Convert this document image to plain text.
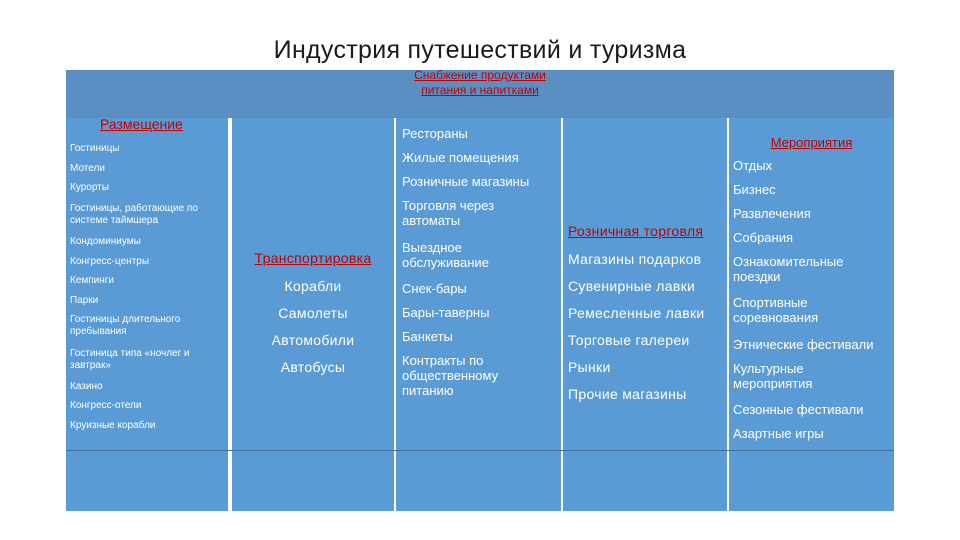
Индустрия путешествий и туризма
Размещение
Гостиницы
Мотели
Курорты
Гостиницы, работающие по системе таймшера
Кондоминиумы
Конгресс-центры
Кемпинги
Парки
Гостиницы длительного пребывания
Гостиница типа «ночлег и завтрак»
Казино
Конгресс-отели
Круизные корабли
Транспортировка
Корабли
Самолеты
Автомобили
Автобусы
Снабжение продуктами питания и напитками
Рестораны
Жилые помещения
Розничные магазины
Торговля через автоматы
Выездное обслуживание
Снек-бары
Бары-таверны
Банкеты
Контракты по общественному питанию
Розничная торговля
Магазины подарков
Сувенирные лавки
Ремесленные лавки
Торговые галереи
Рынки
Прочие магазины
Мероприятия
Отдых
Бизнес
Развлечения
Собрания
Ознакомительные поездки
Спортивные соревнования
Этнические фестивали
Культурные мероприятия
Сезонные фестивали
Азартные игры
